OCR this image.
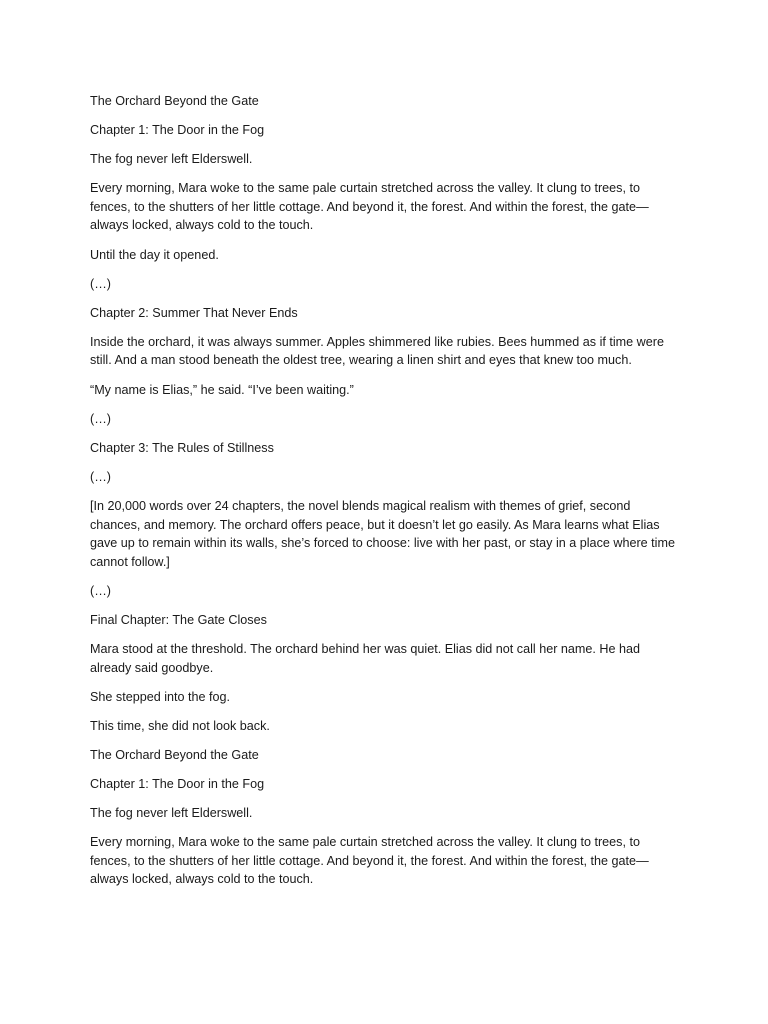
The Orchard Beyond the Gate

Chapter 1: The Door in the Fog

The fog never left Elderswell.

Every morning, Mara woke to the same pale curtain stretched across the valley. It clung to trees, to fences, to the shutters of her little cottage. And beyond it, the forest. And within the forest, the gate—always locked, always cold to the touch.

Until the day it opened.

(…)

Chapter 2: Summer That Never Ends

Inside the orchard, it was always summer. Apples shimmered like rubies. Bees hummed as if time were still. And a man stood beneath the oldest tree, wearing a linen shirt and eyes that knew too much.

“My name is Elias,” he said. “I’ve been waiting.”

(…)

Chapter 3: The Rules of Stillness

(…)

[In 20,000 words over 24 chapters, the novel blends magical realism with themes of grief, second chances, and memory. The orchard offers peace, but it doesn’t let go easily. As Mara learns what Elias gave up to remain within its walls, she’s forced to choose: live with her past, or stay in a place where time cannot follow.]

(…)

Final Chapter: The Gate Closes

Mara stood at the threshold. The orchard behind her was quiet. Elias did not call her name. He had already said goodbye.

She stepped into the fog.

This time, she did not look back.

The Orchard Beyond the Gate

Chapter 1: The Door in the Fog

The fog never left Elderswell.

Every morning, Mara woke to the same pale curtain stretched across the valley. It clung to trees, to fences, to the shutters of her little cottage. And beyond it, the forest. And within the forest, the gate—always locked, always cold to the touch.
